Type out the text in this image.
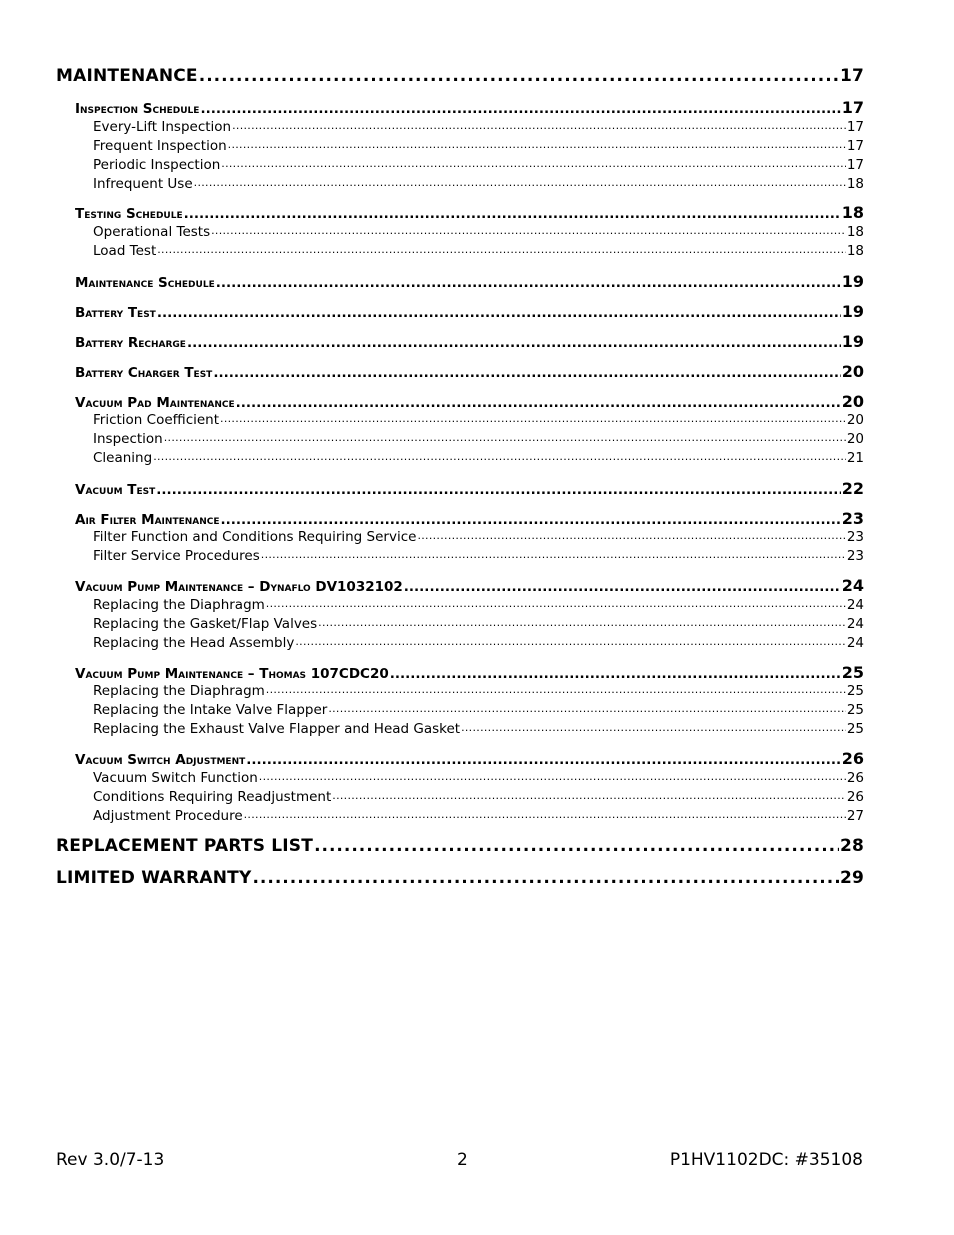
MAINTENANCE .....	17
Inspection Schedule .....	17
Every-Lift Inspection .....	17
Frequent Inspection .....	17
Periodic Inspection .....	17
Infrequent Use .....	18
Testing Schedule .....	18
Operational Tests .....	18
Load Test .....	18
Maintenance Schedule .....	19
Battery Test .....	19
Battery Recharge .....	19
Battery Charger Test .....	20
Vacuum Pad Maintenance .....	20
Friction Coefficient .....	20
Inspection .....	20
Cleaning .....	21
Vacuum Test .....	22
Air Filter Maintenance .....	23
Filter Function and Conditions Requiring Service .....	23
Filter Service Procedures .....	23
Vacuum Pump Maintenance – Dynaflo DV1032102 .....	24
Replacing the Diaphragm .....	24
Replacing the Gasket/Flap Valves .....	24
Replacing the Head Assembly .....	24
Vacuum Pump Maintenance – Thomas 107CDC20 .....	25
Replacing the Diaphragm .....	25
Replacing the Intake Valve Flapper .....	25
Replacing the Exhaust Valve Flapper and Head Gasket .....	25
Vacuum Switch Adjustment .....	26
Vacuum Switch Function .....	26
Conditions Requiring Readjustment .....	26
Adjustment Procedure .....	27
REPLACEMENT PARTS LIST .....	28
LIMITED WARRANTY .....	29
Rev 3.0/7-13	2	P1HV1102DC: #35108
